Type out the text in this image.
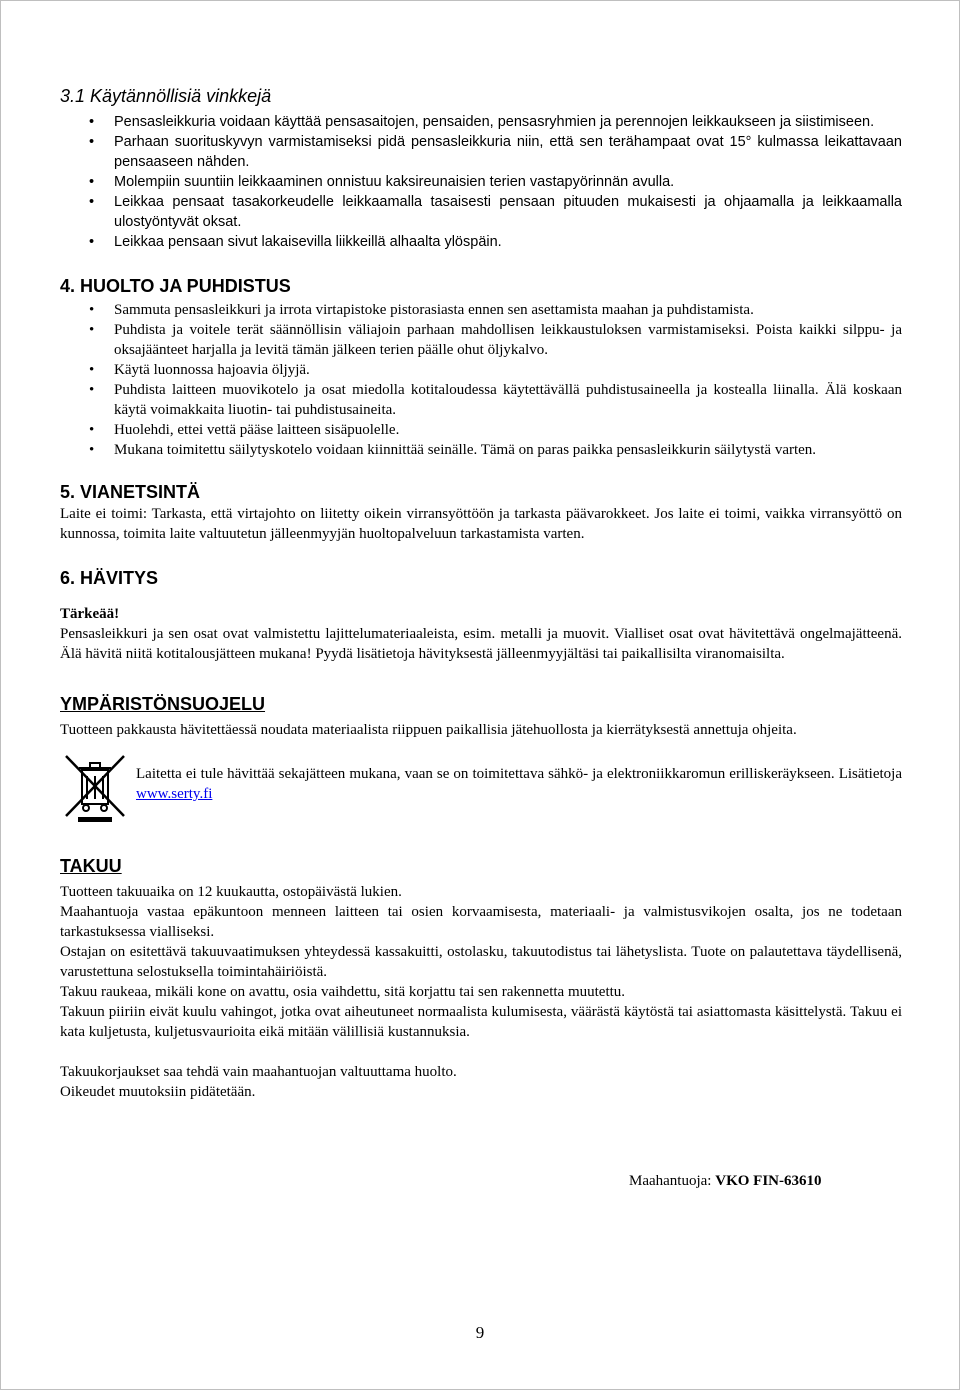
3.1 Käytännöllisiä vinkkejä
• Pensasleikkuria voidaan käyttää pensasaitojen, pensaiden, pensasryhmien ja perennojen leikkaukseen ja siistimiseen.
• Parhaan suorituskyvyn varmistamiseksi pidä pensasleikkuria niin, että sen terähampaat ovat 15° kulmassa leikattavaan pensaaseen nähden.
• Molempiin suuntiin leikkaaminen onnistuu kaksireunaisien terien vastapyörinnän avulla.
• Leikkaa pensaat tasakorkeudelle leikkaamalla tasaisesti pensaan pituuden mukaisesti ja ohjaamalla ja leikkaamalla ulostyöntyvät oksat.
• Leikkaa pensaan sivut lakaisevilla liikkeillä alhaalta ylöspäin.
4. HUOLTO JA PUHDISTUS
• Sammuta pensasleikkuri ja irrota virtapistoke pistorasiasta ennen sen asettamista maahan ja puhdistamista.
• Puhdista ja voitele terät säännöllisin väliajoin parhaan mahdollisen leikkaustuloksen varmistamiseksi. Poista kaikki silppu- ja oksajäänteet harjalla ja levitä tämän jälkeen terien päälle ohut öljykalvo.
• Käytä luonnossa hajoavia öljyjä.
• Puhdista laitteen muovikotelo ja osat miedolla kotitaloudessa käytettävällä puhdistusaineella ja kostealla liinalla. Älä koskaan käytä voimakkaita liuotin- tai puhdistusaineita.
• Huolehdi, ettei vettä pääse laitteen sisäpuolelle.
• Mukana toimitettu säilytyskotelo voidaan kiinnittää seinälle. Tämä on paras paikka pensasleikkurin säilytystä varten.
5. VIANETSINTÄ

Laite ei toimi: Tarkasta, että virtajohto on liitetty oikein virransyöttöön ja tarkasta päävarokkeet. Jos laite ei toimi, vaikka virransyöttö on kunnossa, toimita laite valtuutetun jälleenmyyjän huoltopalveluun tarkastamista varten.

6. HÄVITYS

Tärkeää!

Pensasleikkuri ja sen osat ovat valmistettu lajittelumateriaaleista, esim. metalli ja muovit. Vialliset osat ovat hävitettävä ongelmajätteenä. Älä hävitä niitä kotitalousjätteen mukana! Pyydä lisätietoja hävityksestä jälleenmyyjältäsi tai paikallisilta viranomaisilta.

YMPÄRISTÖNSUOJELU

Tuotteen pakkausta hävitettäessä noudata materiaalista riippuen paikallisia jätehuollosta ja kierrätyksestä annettuja ohjeita.

Laitetta ei tule hävittää sekajätteen mukana, vaan se on toimitettava sähkö- ja elektroniikkaromun erilliskeräykseen. Lisätietoja www.serty.fi

TAKUU

Tuotteen takuuaika on 12 kuukautta, ostopäivästä lukien.

Maahantuoja vastaa epäkuntoon menneen laitteen tai osien korvaamisesta, materiaali- ja valmistusvikojen osalta, jos ne todetaan tarkastuksessa vialliseksi.

Ostajan on esitettävä takuuvaatimuksen yhteydessä kassakuitti, ostolasku, takuutodistus tai lähetyslista. Tuote on palautettava täydellisenä, varustettuna selostuksella toimintahäiriöistä.

Takuu raukeaa, mikäli kone on avattu, osia vaihdettu, sitä korjattu tai sen rakennetta muutettu.

Takuun piiriin eivät kuulu vahingot, jotka ovat aiheutuneet normaalista kulumisesta, väärästä käytöstä tai asiattomasta käsittelystä. Takuu ei kata kuljetusta, kuljetusvaurioita eikä mitään välillisiä kustannuksia.

Takuukorjaukset saa tehdä vain maahantuojan valtuuttama huolto.

Oikeudet muutoksiin pidätetään.

Maahantuoja: VKO FIN-63610
9
